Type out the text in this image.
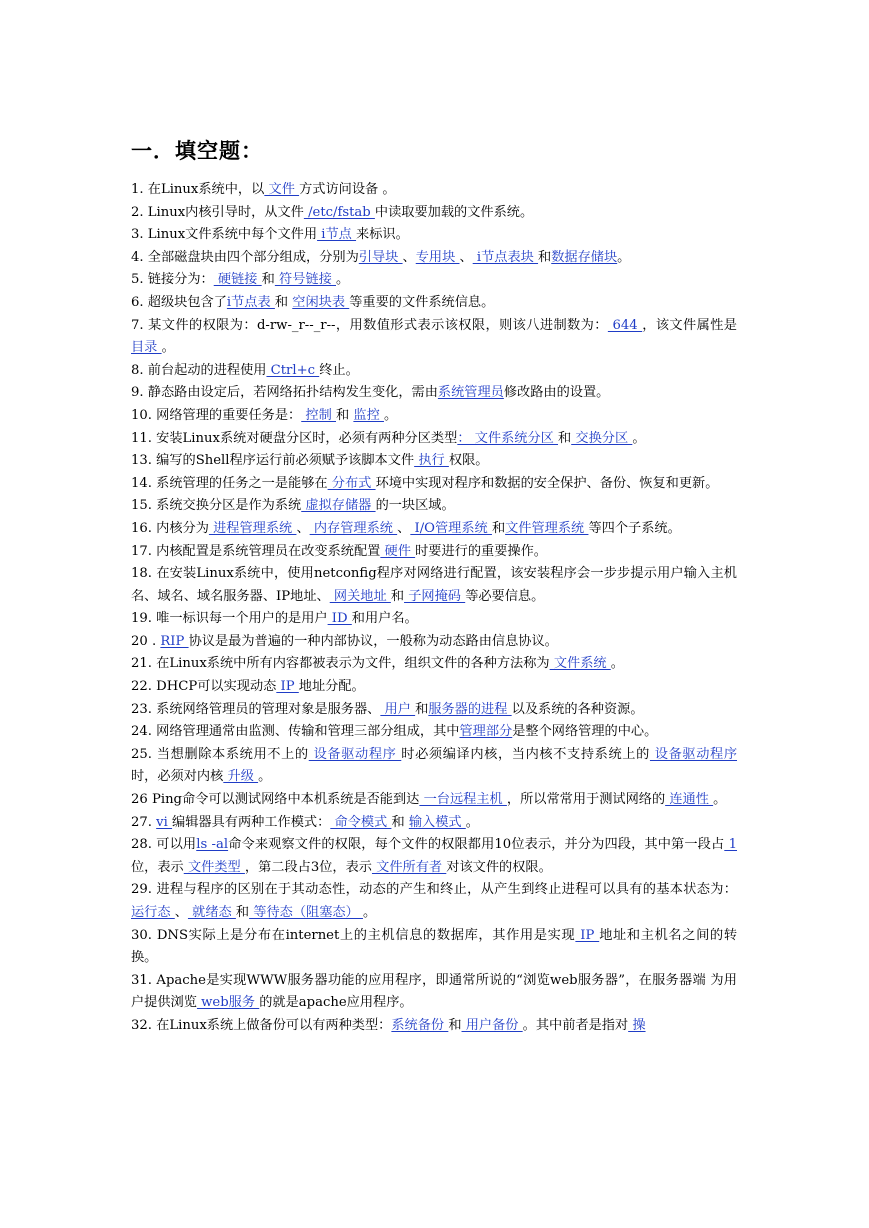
一．填空题：

1. 在Linux系统中，以 文件 方式访问设备 。

2. Linux内核引导时，从文件 /etc/fstab 中读取要加载的文件系统。

3. Linux文件系统中每个文件用 i节点 来标识。

4. 全部磁盘块由四个部分组成，分别为引导块 、专用块 、 i节点表块 和数据存储块。

5. 链接分为： 硬链接 和 符号链接 。

6. 超级块包含了i节点表 和 空闲块表 等重要的文件系统信息。

7. 某文件的权限为：d-rw-_r--_r--，用数值形式表示该权限，则该八进制数为： 644 ，该文件属性是 目录 。

8. 前台起动的进程使用 Ctrl+c 终止。

9. 静态路由设定后，若网络拓扑结构发生变化，需由系统管理员修改路由的设置。

10. 网络管理的重要任务是： 控制 和 监控 。

11. 安装Linux系统对硬盘分区时，必须有两种分区类型： 文件系统分区 和 交换分区 。

13. 编写的Shell程序运行前必须赋予该脚本文件 执行 权限。

14. 系统管理的任务之一是能够在 分布式 环境中实现对程序和数据的安全保护、备份、恢复和更新。

15. 系统交换分区是作为系统 虚拟存储器 的一块区域。

16. 内核分为 进程管理系统 、 内存管理系统 、 I/O管理系统 和文件管理系统 等四个子系统。

17. 内核配置是系统管理员在改变系统配置 硬件 时要进行的重要操作。

18. 在安装Linux系统中，使用netconfig程序对网络进行配置，该安装程序会一步步提示用户输入主机名、域名、域名服务器、IP地址、 网关地址 和 子网掩码 等必要信息。

19. 唯一标识每一个用户的是用户 ID 和用户名。

20 . RIP 协议是最为普遍的一种内部协议，一般称为动态路由信息协议。

21. 在Linux系统中所有内容都被表示为文件，组织文件的各种方法称为 文件系统 。

22. DHCP可以实现动态 IP 地址分配。

23. 系统网络管理员的管理对象是服务器、 用户 和服务器的进程 以及系统的各种资源。

24. 网络管理通常由监测、传输和管理三部分组成，其中管理部分是整个网络管理的中心。

25. 当想删除本系统用不上的 设备驱动程序 时必须编译内核，当内核不支持系统上的 设备驱动程序 时，必须对内核 升级 。

26 Ping命令可以测试网络中本机系统是否能到达 一台远程主机 ，所以常常用于测试网络的 连通性 。

27. vi 编辑器具有两种工作模式： 命令模式 和 输入模式 。

28. 可以用ls -al命令来观察文件的权限，每个文件的权限都用10位表示，并分为四段，其中第一段占 1 位，表示 文件类型 ，第二段占3位，表示 文件所有者 对该文件的权限。

29. 进程与程序的区别在于其动态性，动态的产生和终止，从产生到终止进程可以具有的基本状态为： 运行态 、 就绪态 和 等待态（阻塞态） 。

30. DNS实际上是分布在internet上的主机信息的数据库，其作用是实现 IP 地址和主机名之间的转换。

31. Apache是实现WWW服务器功能的应用程序，即通常所说的“浏览web服务器”，在服务器端 为用户提供浏览 web服务 的就是apache应用程序。

32. 在Linux系统上做备份可以有两种类型：系统备份 和 用户备份 。其中前者是指对 操
